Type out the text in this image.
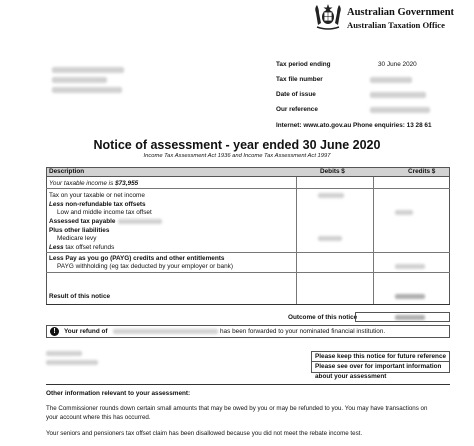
Australian Government
Australian Taxation Office
Tax period ending	30 June 2020
Tax file number
Date of issue
Our reference
Internet: www.ato.gov.au Phone enquiries: 13 28 61
Notice of assessment - year ended 30 June 2020
Income Tax Assessment Act 1936 and Income Tax Assessment Act 1997
Description	Debits $	Credits $
Your taxable income is $73,955
Tax on your taxable or net income
Less non-refundable tax offsets
Low and middle income tax offset
Assessed tax payable
Plus other liabilities
Medicare levy
Less tax offset refunds
Less Pay as you go (PAYG) credits and other entitlements
PAYG withholding (eg tax deducted by your employer or bank)
Result of this notice
Outcome of this notice
!	Your refund of	has been forwarded to your nominated financial institution.
Please keep this notice for future reference
Please see over for important information about your assessment
Other information relevant to your assessment:
The Commissioner rounds down certain small amounts that may be owed by you or may be refunded to you. You may have transactions on
your account where this has occurred.
Your seniors and pensioners tax offset claim has been disallowed because you did not meet the rebate income test.
